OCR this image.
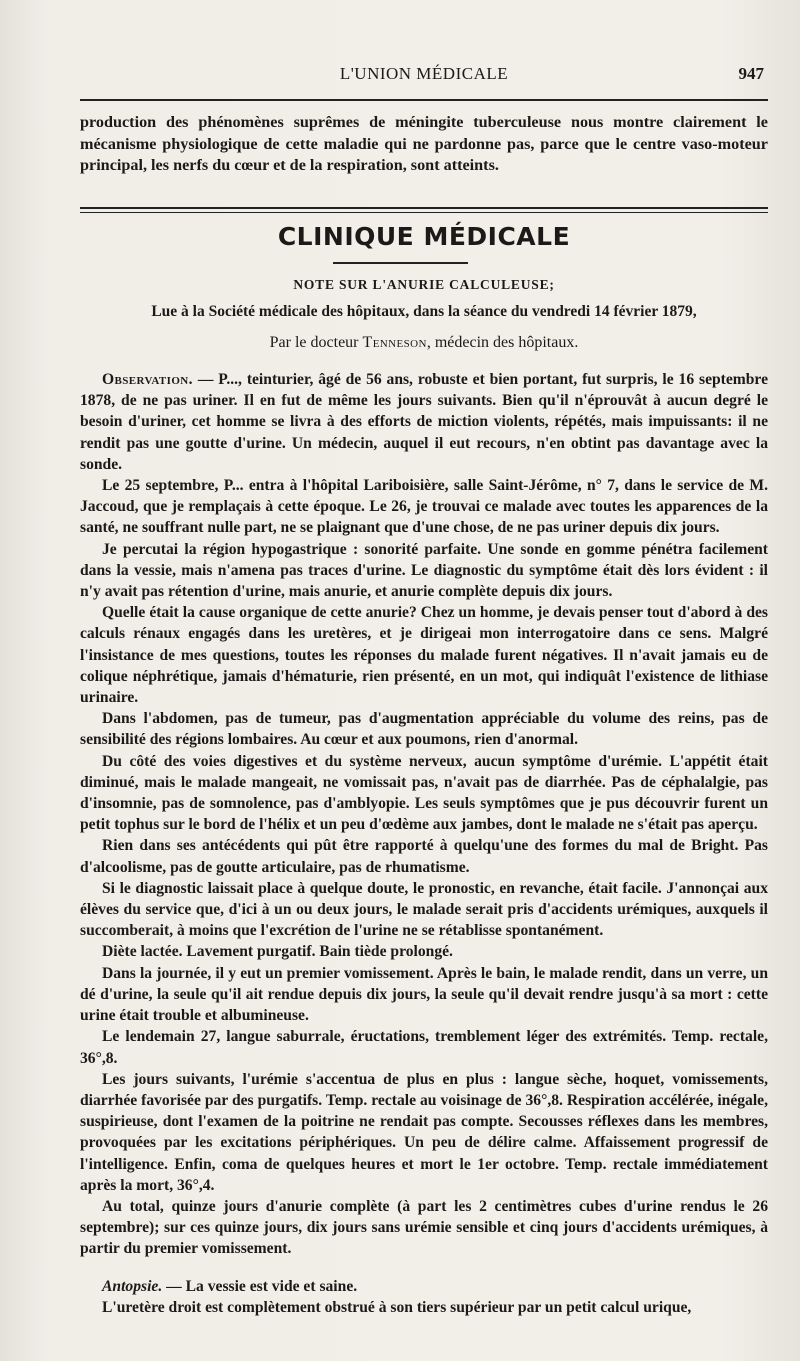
L'UNION MÉDICALE	947

production des phénomènes suprêmes de méningite tuberculeuse nous montre clairement le mécanisme physiologique de cette maladie qui ne pardonne pas, parce que le centre vaso-moteur principal, les nerfs du cœur et de la respiration, sont atteints.

CLINIQUE MÉDICALE
NOTE SUR L'ANURIE CALCULEUSE;
Lue à la Société médicale des hôpitaux, dans la séance du vendredi 14 février 1879,
Par le docteur Tenneson, médecin des hôpitaux.

Observation. — P..., teinturier, âgé de 56 ans, robuste et bien portant, fut surpris, le 16 septembre 1878, de ne pas uriner. Il en fut de même les jours suivants. Bien qu'il n'éprouvât à aucun degré le besoin d'uriner, cet homme se livra à des efforts de miction violents, répétés, mais impuissants: il ne rendit pas une goutte d'urine. Un médecin, auquel il eut recours, n'en obtint pas davantage avec la sonde.

Le 25 septembre, P... entra à l'hôpital Lariboisière, salle Saint-Jérôme, n° 7, dans le service de M. Jaccoud, que je remplaçais à cette époque. Le 26, je trouvai ce malade avec toutes les apparences de la santé, ne souffrant nulle part, ne se plaignant que d'une chose, de ne pas uriner depuis dix jours.

Je percutai la région hypogastrique : sonorité parfaite. Une sonde en gomme pénétra facilement dans la vessie, mais n'amena pas traces d'urine. Le diagnostic du symptôme était dès lors évident : il n'y avait pas rétention d'urine, mais anurie, et anurie complète depuis dix jours.

Quelle était la cause organique de cette anurie? Chez un homme, je devais penser tout d'abord à des calculs rénaux engagés dans les uretères, et je dirigeai mon interrogatoire dans ce sens. Malgré l'insistance de mes questions, toutes les réponses du malade furent négatives. Il n'avait jamais eu de colique néphrétique, jamais d'hématurie, rien présenté, en un mot, qui indiquât l'existence de lithiase urinaire.

Dans l'abdomen, pas de tumeur, pas d'augmentation appréciable du volume des reins, pas de sensibilité des régions lombaires. Au cœur et aux poumons, rien d'anormal.

Du côté des voies digestives et du système nerveux, aucun symptôme d'urémie. L'appétit était diminué, mais le malade mangeait, ne vomissait pas, n'avait pas de diarrhée. Pas de céphalalgie, pas d'insomnie, pas de somnolence, pas d'amblyopie. Les seuls symptômes que je pus découvrir furent un petit tophus sur le bord de l'hélix et un peu d'œdème aux jambes, dont le malade ne s'était pas aperçu.

Rien dans ses antécédents qui pût être rapporté à quelqu'une des formes du mal de Bright. Pas d'alcoolisme, pas de goutte articulaire, pas de rhumatisme.

Si le diagnostic laissait place à quelque doute, le pronostic, en revanche, était facile. J'annonçai aux élèves du service que, d'ici à un ou deux jours, le malade serait pris d'accidents urémiques, auxquels il succomberait, à moins que l'excrétion de l'urine ne se rétablisse spontanément.

Diète lactée. Lavement purgatif. Bain tiède prolongé.

Dans la journée, il y eut un premier vomissement. Après le bain, le malade rendit, dans un verre, un dé d'urine, la seule qu'il ait rendue depuis dix jours, la seule qu'il devait rendre jusqu'à sa mort : cette urine était trouble et albumineuse.

Le lendemain 27, langue saburrale, éructations, tremblement léger des extrémités. Temp. rectale, 36°,8.

Les jours suivants, l'urémie s'accentua de plus en plus : langue sèche, hoquet, vomissements, diarrhée favorisée par des purgatifs. Temp. rectale au voisinage de 36°,8. Respiration accélérée, inégale, suspirieuse, dont l'examen de la poitrine ne rendait pas compte. Secousses réflexes dans les membres, provoquées par les excitations périphériques. Un peu de délire calme. Affaissement progressif de l'intelligence. Enfin, coma de quelques heures et mort le 1er octobre. Temp. rectale immédiatement après la mort, 36°,4.

Au total, quinze jours d'anurie complète (à part les 2 centimètres cubes d'urine rendus le 26 septembre); sur ces quinze jours, dix jours sans urémie sensible et cinq jours d'accidents urémiques, à partir du premier vomissement.

Antopsie. — La vessie est vide et saine.

L'uretère droit est complètement obstrué à son tiers supérieur par un petit calcul urique,
